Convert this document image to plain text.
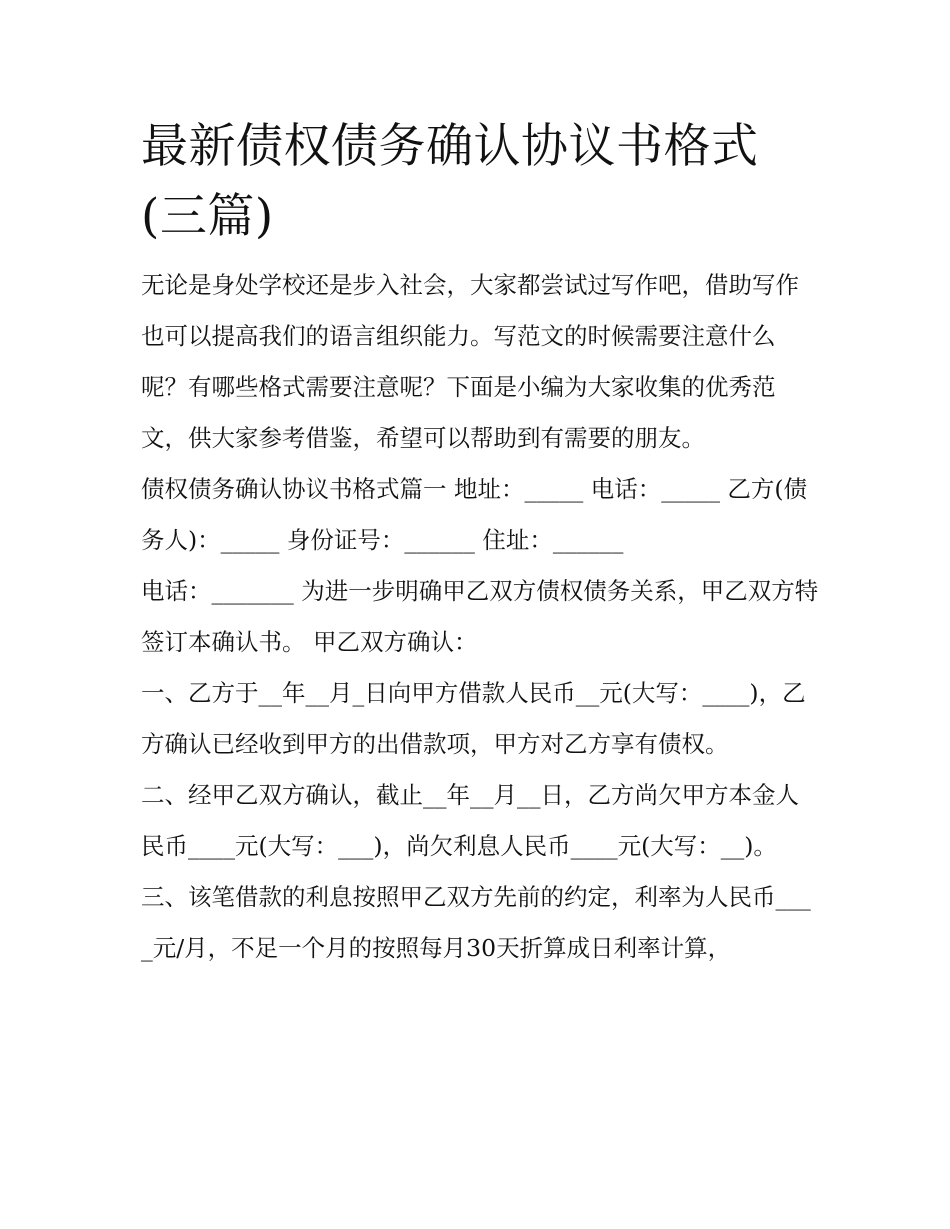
最新债权债务确认协议书格式
(三篇)

无论是身处学校还是步入社会，大家都尝试过写作吧，借助写作也可以提高我们的语言组织能力。写范文的时候需要注意什么呢？有哪些格式需要注意呢？下面是小编为大家收集的优秀范文，供大家参考借鉴，希望可以帮助到有需要的朋友。

债权债务确认协议书格式篇一 地址：_____ 电话：_____ 乙方(债务人)：_____ 身份证号：______ 住址：______

电话：_______ 为进一步明确甲乙双方债权债务关系，甲乙双方特签订本确认书。 甲乙双方确认：

一、乙方于__年__月_日向甲方借款人民币__元(大写：____)，乙方确认已经收到甲方的出借款项，甲方对乙方享有债权。

二、经甲乙双方确认，截止__年__月__日，乙方尚欠甲方本金人民币____元(大写：___)，尚欠利息人民币____元(大写：__)。

三、该笔借款的利息按照甲乙双方先前的约定，利率为人民币____元/月，不足一个月的按照每月30天折算成日利率计算，
